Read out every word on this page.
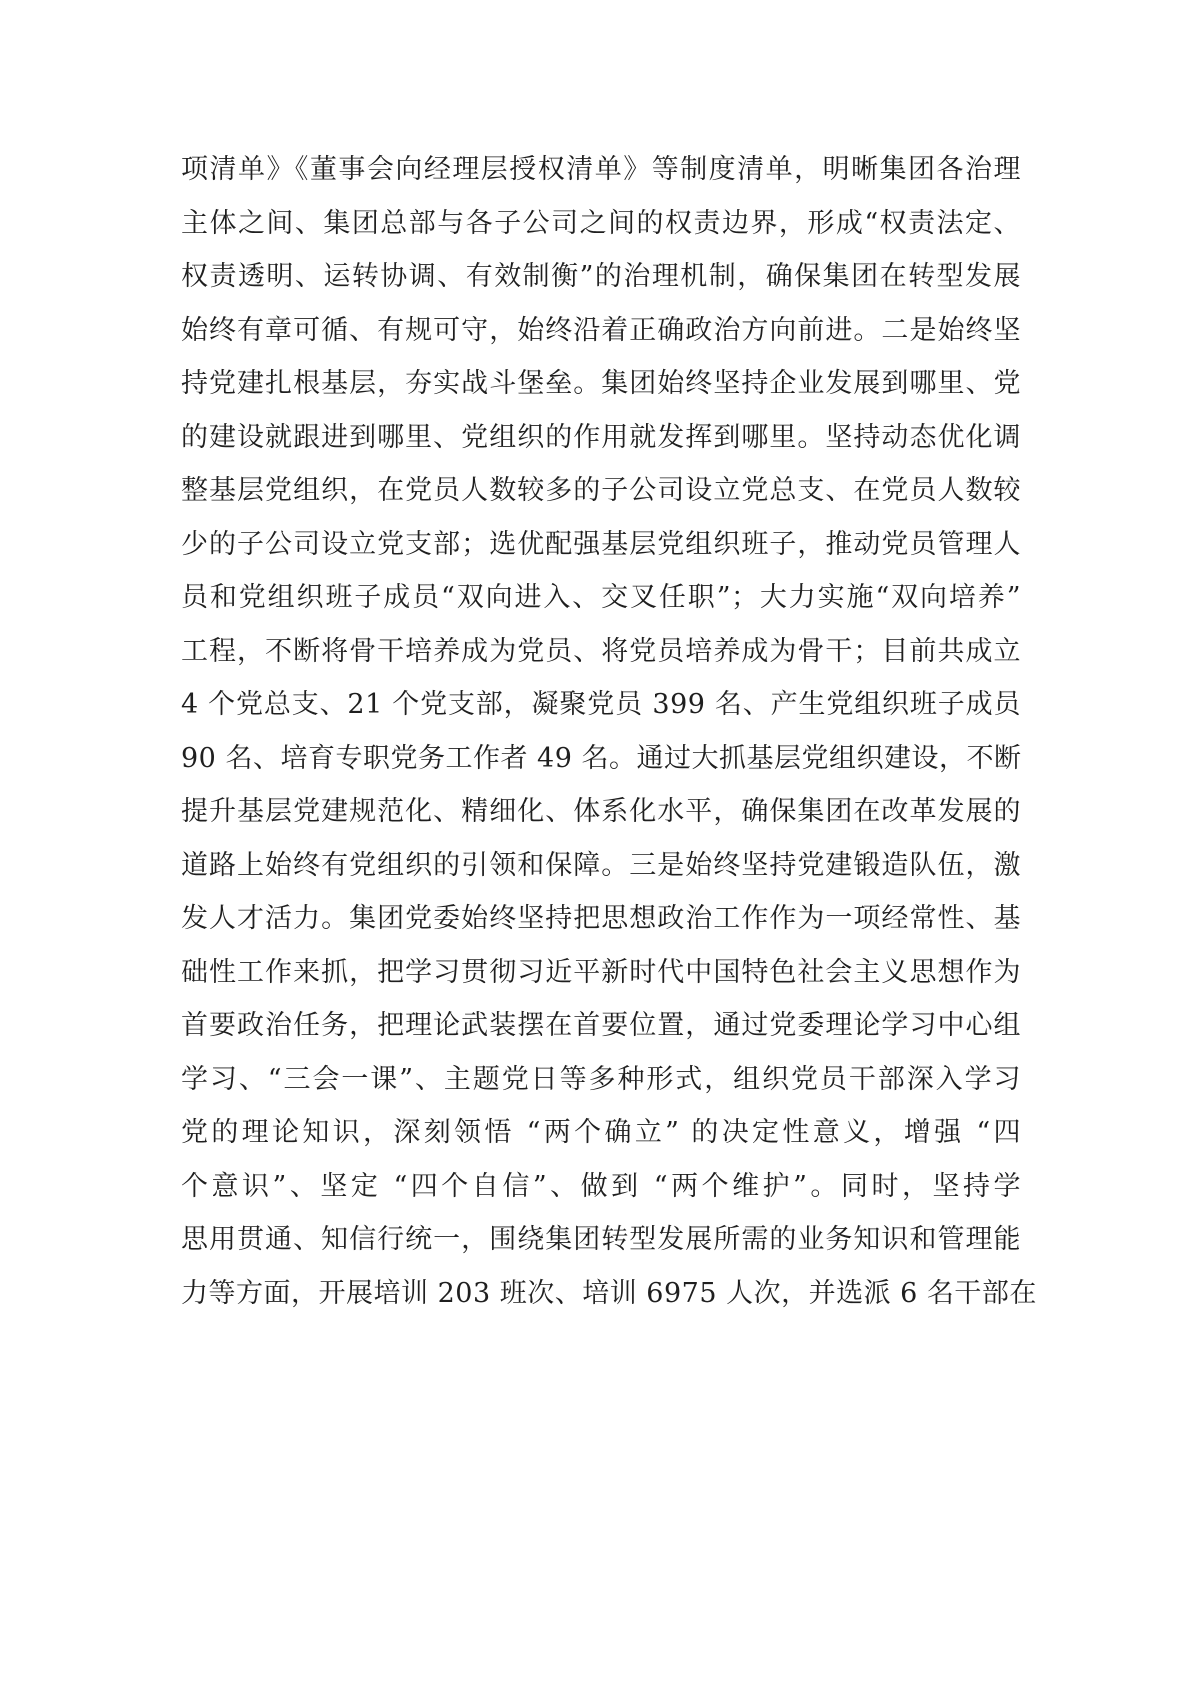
项清单》《董事会向经理层授权清单》等制度清单，明晰集团各治理
主体之间、集团总部与各子公司之间的权责边界，形成“权责法定、
权责透明、运转协调、有效制衡”的治理机制，确保集团在转型发展
始终有章可循、有规可守，始终沿着正确政治方向前进。二是始终坚
持党建扎根基层，夯实战斗堡垒。集团始终坚持企业发展到哪里、党
的建设就跟进到哪里、党组织的作用就发挥到哪里。坚持动态优化调
整基层党组织，在党员人数较多的子公司设立党总支、在党员人数较
少的子公司设立党支部；选优配强基层党组织班子，推动党员管理人
员和党组织班子成员“双向进入、交叉任职”；大力实施“双向培养”
工程，不断将骨干培养成为党员、将党员培养成为骨干；目前共成立
4 个党总支、21 个党支部，凝聚党员 399 名、产生党组织班子成员
90 名、培育专职党务工作者 49 名。通过大抓基层党组织建设，不断
提升基层党建规范化、精细化、体系化水平，确保集团在改革发展的
道路上始终有党组织的引领和保障。三是始终坚持党建锻造队伍，激
发人才活力。集团党委始终坚持把思想政治工作作为一项经常性、基
础性工作来抓，把学习贯彻习近平新时代中国特色社会主义思想作为
首要政治任务，把理论武装摆在首要位置，通过党委理论学习中心组
学习、“三会一课”、主题党日等多种形式，组织党员干部深入学习
党的理论知识，深刻领悟 “两个确立” 的决定性意义，增强 “四
个意识”、坚定 “四个自信”、做到 “两个维护”。同时，坚持学
思用贯通、知信行统一，围绕集团转型发展所需的业务知识和管理能
力等方面，开展培训 203 班次、培训 6975 人次，并选派 6 名干部在
